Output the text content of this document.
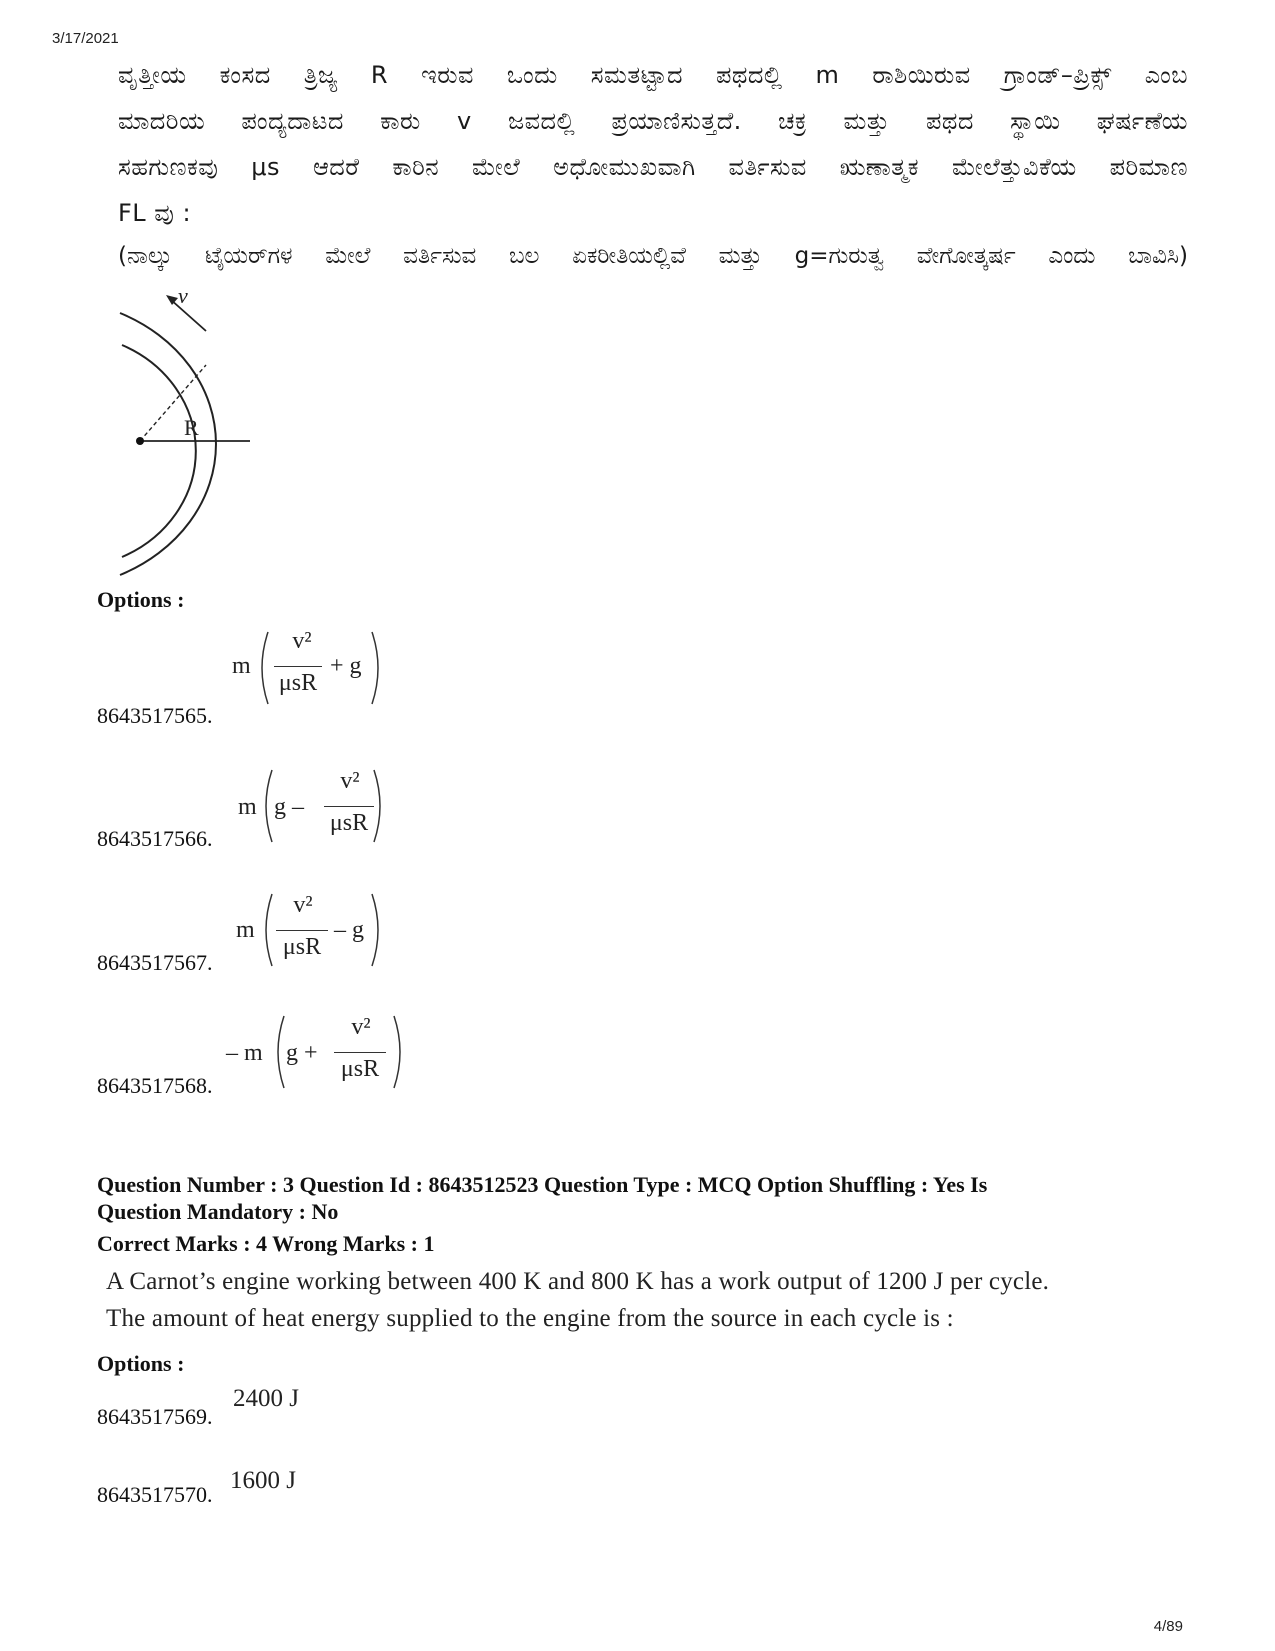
3/17/2021
ವೃತ್ತೀಯ ಕಂಸದ ತ್ರಿಜ್ಯ R ಇರುವ ಒಂದು ಸಮತಟ್ಟಾದ ಪಥದಲ್ಲಿ m ರಾಶಿಯಿರುವ ಗ್ರಾಂಡ್‌–ಪ್ರಿಕ್ಸ್‌ ಎಂಬ
ಮಾದರಿಯ ಪಂದ್ಯದಾಟದ ಕಾರು v ಜವದಲ್ಲಿ ಪ್ರಯಾಣಿಸುತ್ತದೆ. ಚಕ್ರ ಮತ್ತು ಪಥದ ಸ್ಥಾಯಿ ಘರ್ಷಣೆಯ
ಸಹಗುಣಕವು μs ಆದರೆ ಕಾರಿನ ಮೇಲೆ ಅಧೋಮುಖವಾಗಿ ವರ್ತಿಸುವ ಋಣಾತ್ಮಕ ಮೇಲೆತ್ತುವಿಕೆಯ ಪರಿಮಾಣ
FL ವು :
(ನಾಲ್ಕು ಟೈಯರ್‌ಗಳ ಮೇಲೆ ವರ್ತಿಸುವ ಬಲ ಏಕರೀತಿಯಲ್ಲಿವೆ ಮತ್ತು g=ಗುರುತ್ವ ವೇಗೋತ್ಕರ್ಷ ಎಂದು ಬಾವಿಸಿ)
v
R
Options :
8643517565.
m
v²
μsR
+ g
8643517566.
m g –
v²
μsR
8643517567.
m
v²
μsR
– g
8643517568.
– m g +
v²
μsR
Question Number : 3 Question Id : 8643512523 Question Type : MCQ Option Shuffling : Yes Is
Question Mandatory : No
Correct Marks : 4 Wrong Marks : 1
A Carnot’s engine working between 400 K and 800 K has a work output of 1200 J per cycle.
The amount of heat energy supplied to the engine from the source in each cycle is :
Options :
8643517569.
2400 J
8643517570.
1600 J
4/89
